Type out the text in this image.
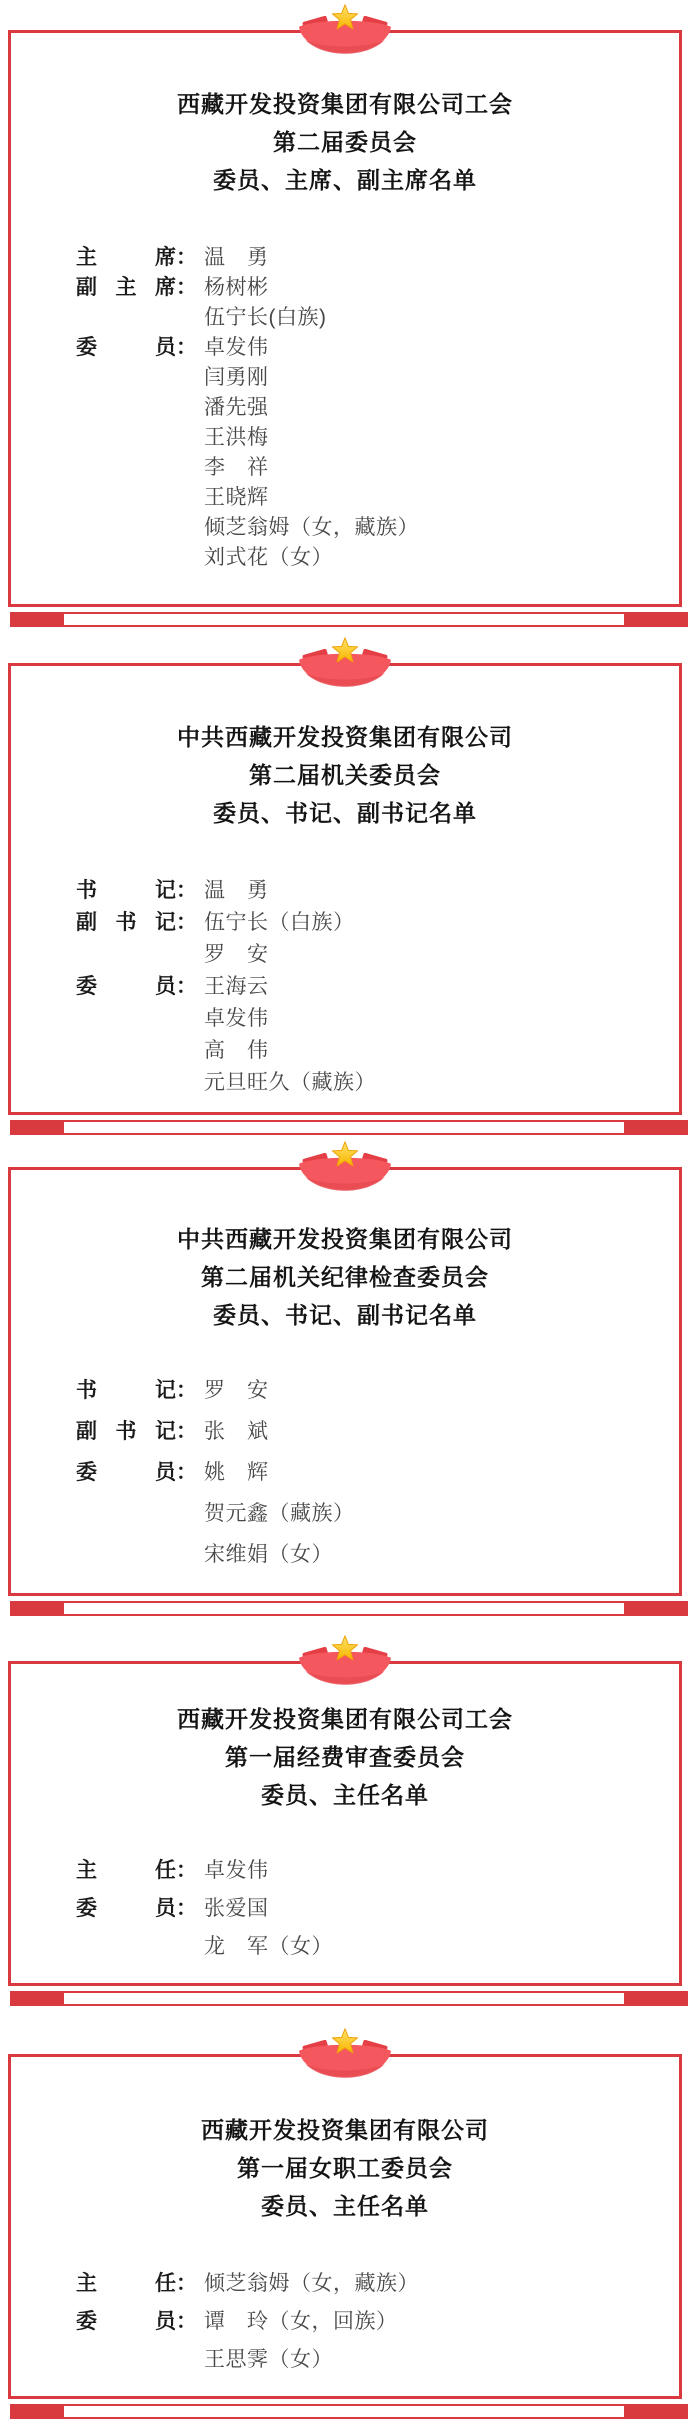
西藏开发投资集团有限公司工会
第二届委员会
委员、主席、副主席名单
主	席 ： 温　勇
副 主 席 ： 杨树彬
伍宁长(白族)
委	员 ： 卓发伟
闫勇刚
潘先强
王洪梅
李　祥
王晓辉
倾芝翁姆（女，藏族）
刘式花（女）
中共西藏开发投资集团有限公司
第二届机关委员会
委员、书记、副书记名单
书	记 ： 温　勇
副 书 记 ： 伍宁长（白族）
罗　安
委	员 ： 王海云
卓发伟
高　伟
元旦旺久（藏族）
中共西藏开发投资集团有限公司
第二届机关纪律检查委员会
委员、书记、副书记名单
书	记 ： 罗　安
副 书 记 ： 张　斌
委	员 ： 姚　辉
贺元鑫（藏族）
宋维娟（女）
西藏开发投资集团有限公司工会
第一届经费审查委员会
委员、主任名单
主	任 ： 卓发伟
委	员 ： 张爱国
龙　军（女）
西藏开发投资集团有限公司
第一届女职工委员会
委员、主任名单
主	任 ： 倾芝翁姆（女，藏族）
委	员 ： 谭　玲（女，回族）
王思霁（女）
